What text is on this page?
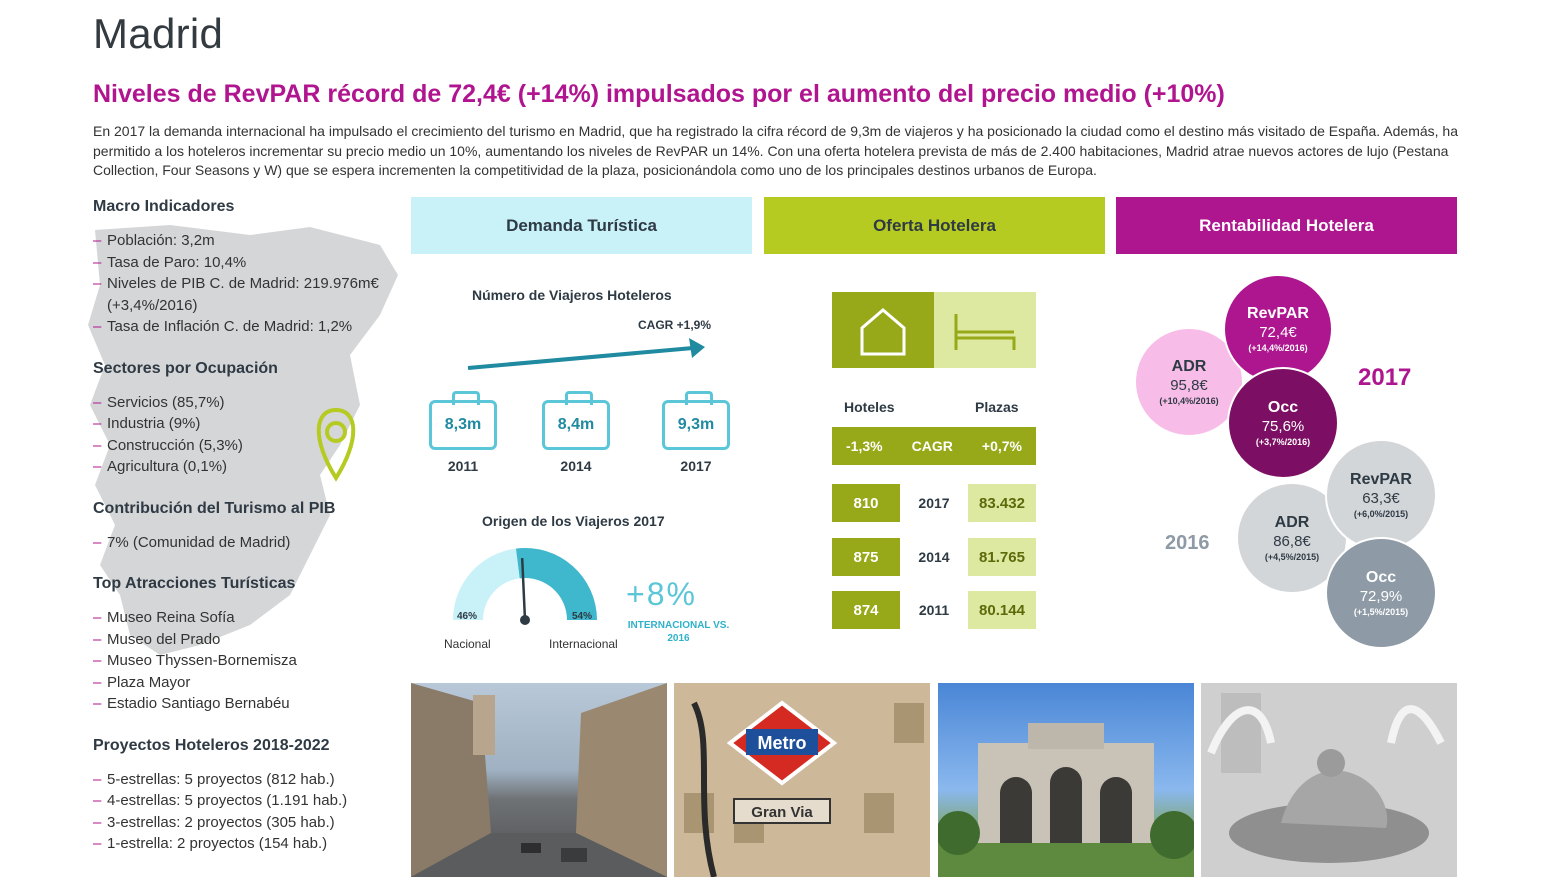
Madrid
Niveles de RevPAR récord de 72,4€ (+14%) impulsados por el aumento del precio medio (+10%)
En 2017 la demanda internacional ha impulsado el crecimiento del turismo en Madrid, que ha registrado la cifra récord de 9,3m de viajeros y ha posicionado la ciudad como el destino más visitado de España. Además, ha permitido a los hoteleros incrementar su precio medio un 10%, aumentando los niveles de RevPAR un 14%. Con una oferta hotelera prevista de más de 2.400 habitaciones, Madrid atrae nuevos actores de lujo (Pestana Collection, Four Seasons y W) que se espera incrementen la competitividad de la plaza, posicionándola como uno de los principales destinos urbanos de Europa.
Macro Indicadores
– Población: 3,2m
– Tasa de Paro: 10,4%
– Niveles de PIB C. de Madrid: 219.976m€ (+3,4%/2016)
– Tasa de Inflación C. de Madrid: 1,2%
Sectores por Ocupación
– Servicios (85,7%)
– Industria (9%)
– Construcción (5,3%)
– Agricultura (0,1%)
Contribución del Turismo al PIB
– 7% (Comunidad de Madrid)
Top Atracciones Turísticas
– Museo Reina Sofía
– Museo del Prado
– Museo Thyssen-Bornemisza
– Plaza Mayor
– Estadio Santiago Bernabéu
Proyectos Hoteleros 2018-2022
– 5-estrellas: 5 proyectos (812 hab.)
– 4-estrellas: 5 proyectos (1.191 hab.)
– 3-estrellas: 2 proyectos (305 hab.)
– 1-estrella: 2 proyectos (154 hab.)
Demanda Turística	Oferta Hotelera	Rentabilidad Hotelera
Número de Viajeros Hoteleros
CAGR +1,9%
8,3m	8,4m	9,3m
2011	2014	2017
Origen de los Viajeros 2017
46%	54%
Nacional	Internacional
+8%
INTERNACIONAL VS. 2016
Hoteles	Plazas
-1,3% CAGR +0,7%
810	2017	83.432
875	2014	81.765
874	2011	80.144
ADR
95,8€
(+10,4%/2016)
RevPAR
72,4€
(+14,4%/2016)
Occ
75,6%
(+3,7%/2016)
2017
ADR
86,8€
(+4,5%/2015)
RevPAR
63,3€
(+6,0%/2015)
Occ
72,9%
(+1,5%/2015)
2016
Metro
Gran Via
